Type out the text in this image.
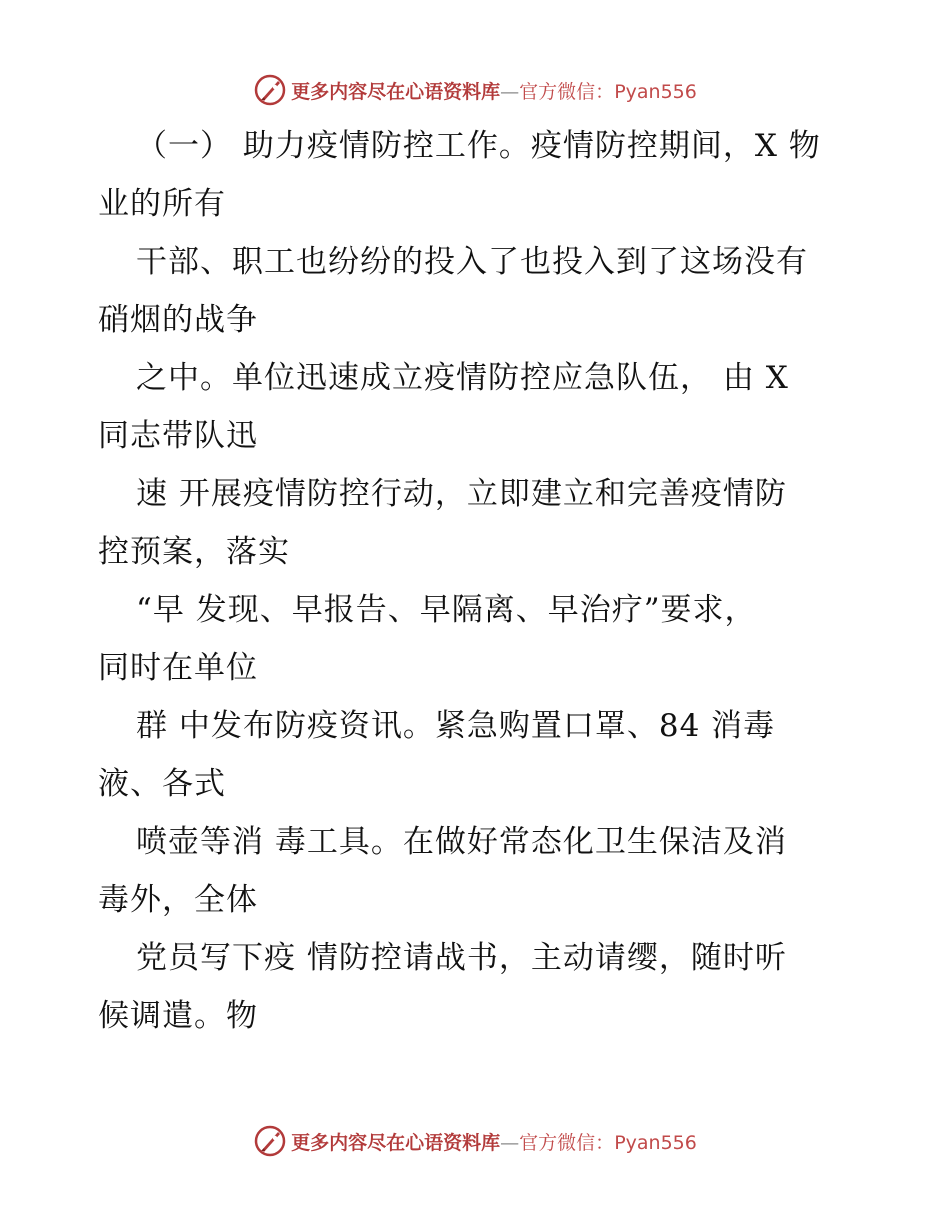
更多内容尽在心语资料库—官方微信：Pyan556
（一） 助力疫情防控工作。疫情防控期间，X 物
业的所有
干部、职工也纷纷的投入了也投入到了这场没有
硝烟的战争
之中。单位迅速成立疫情防控应急队伍， 由 X
同志带队迅
速 开展疫情防控行动，立即建立和完善疫情防
控预案，落实
“早 发现、早报告、早隔离、早治疗”要求，
同时在单位
群 中发布防疫资讯。紧急购置口罩、84 消毒
液、各式
喷壶等消 毒工具。在做好常态化卫生保洁及消
毒外，全体
党员写下疫 情防控请战书，主动请缨，随时听
候调遣。物
更多内容尽在心语资料库—官方微信：Pyan556
